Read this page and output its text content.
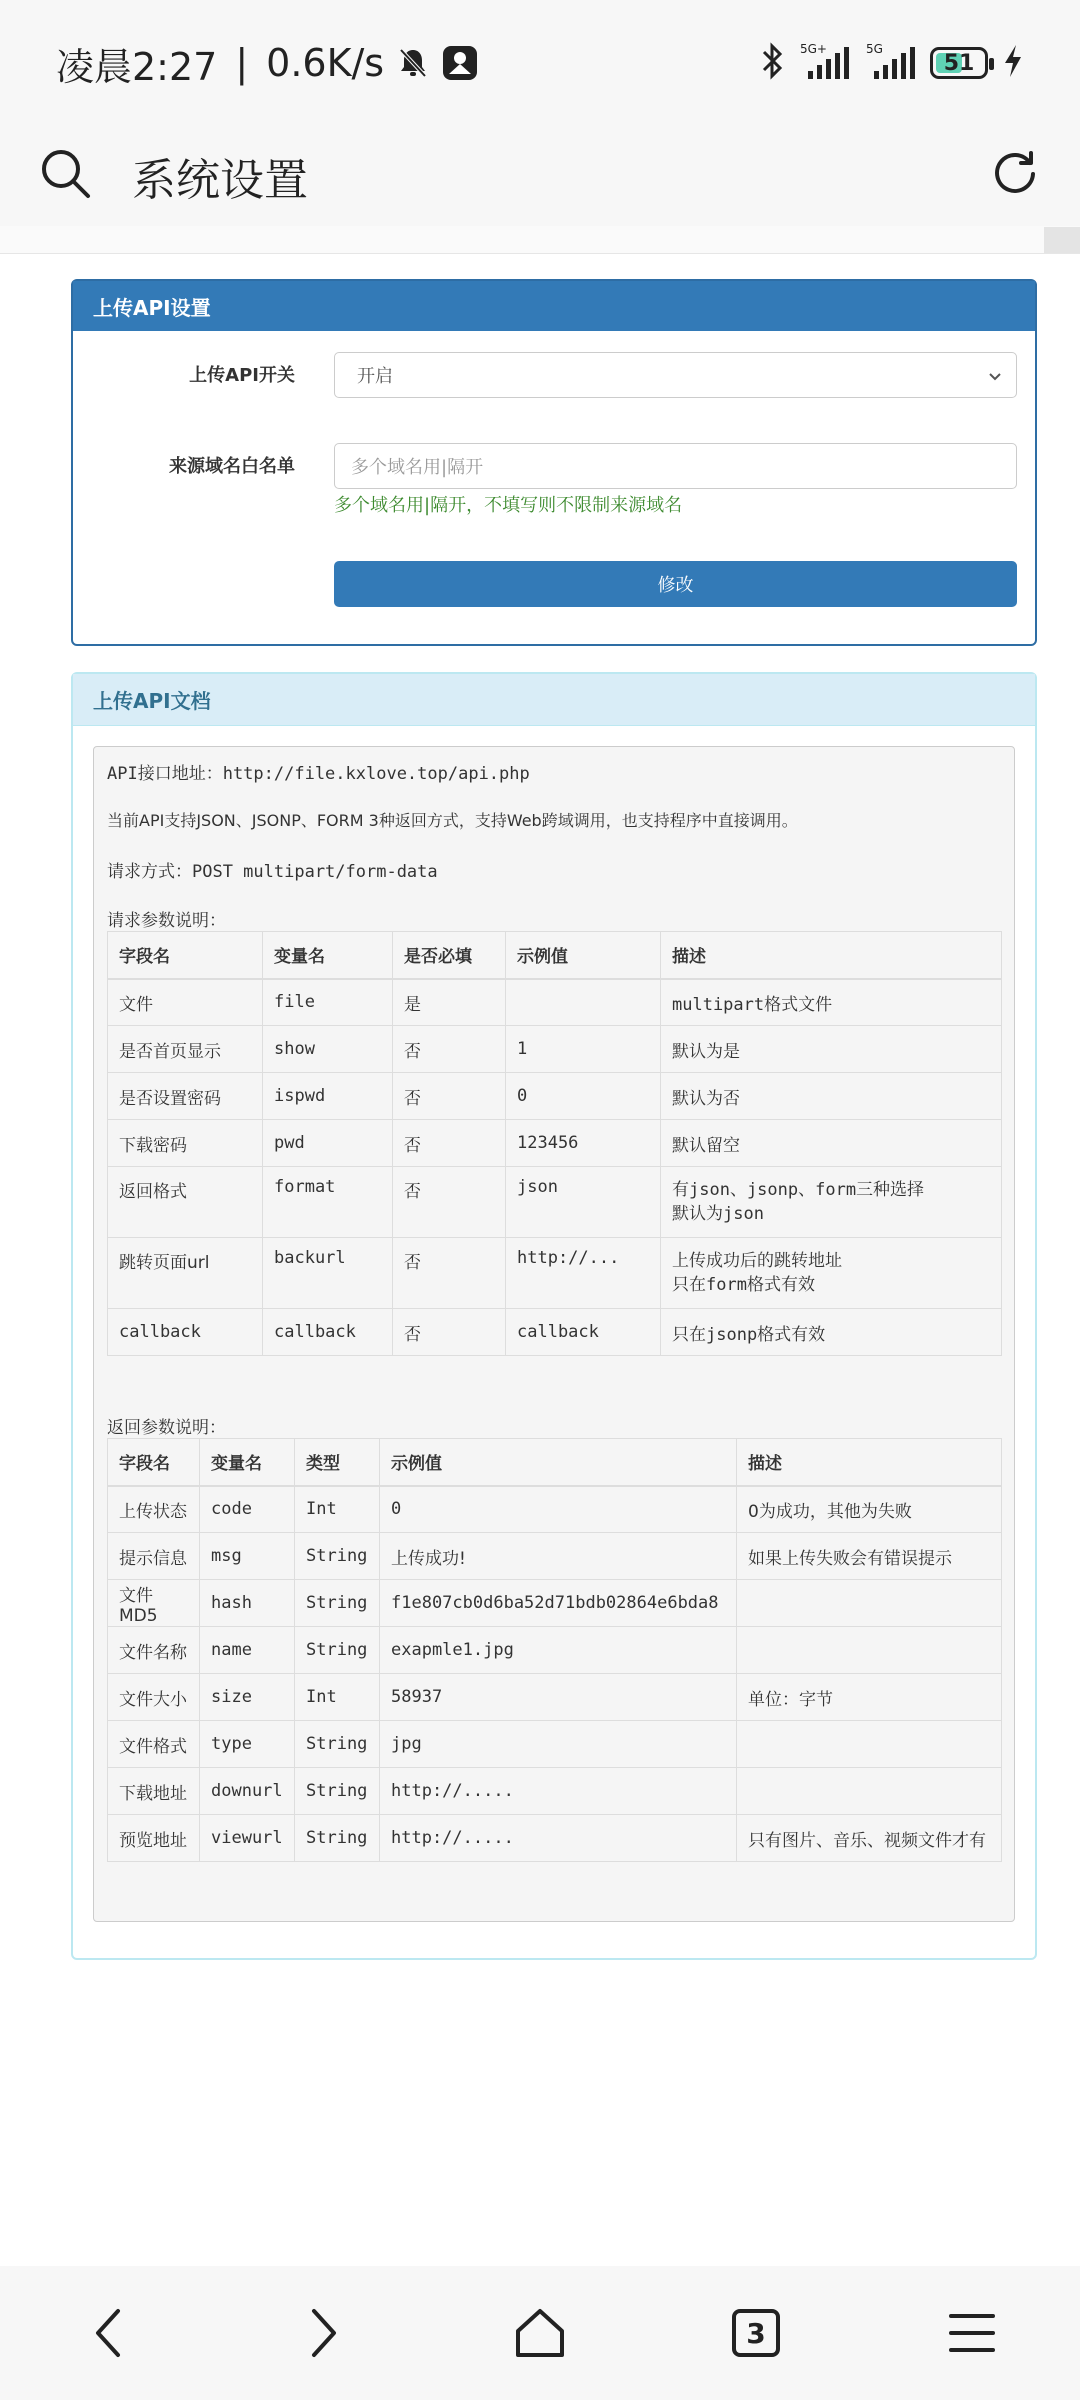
凌晨2:27 | 0.6K/s	5G+	5G
51
系统设置
上传API设置
上传API开关	开启
来源域名白名单	多个域名用|隔开
多个域名用|隔开，不填写则不限制来源域名
修改
上传API文档
API接口地址：http://file.kxlove.top/api.php
当前API支持JSON、JSONP、FORM 3种返回方式，支持Web跨域调用，也支持程序中直接调用。
请求方式：POST multipart/form-data
请求参数说明：
字段名	变量名	是否必填	示例值	描述
文件	file	是		multipart格式文件
是否首页显示	show	否	1	默认为是
是否设置密码	ispwd	否	0	默认为否
下载密码	pwd	否	123456	默认留空
返回格式	format	否	json	有json、jsonp、form三种选择
默认为json

跳转页面url	backurl	否	http://...	上传成功后的跳转地址
只在form格式有效

callback	callback	否	callback	只在jsonp格式有效
返回参数说明：
字段名	变量名	类型	示例值	描述
上传状态	code	Int	0	0为成功，其他为失败
提示信息	msg	String	上传成功!	如果上传失败会有错误提示
文件MD5	hash	String	f1e807cb0d6ba52d71bdb02864e6bda8	
文件名称	name	String	exapmle1.jpg	
文件大小	size	Int	58937	单位：字节
文件格式	type	String	jpg	
下载地址	downurl	String	http://.....	
预览地址	viewurl	String	http://.....	只有图片、音乐、视频文件才有
3
